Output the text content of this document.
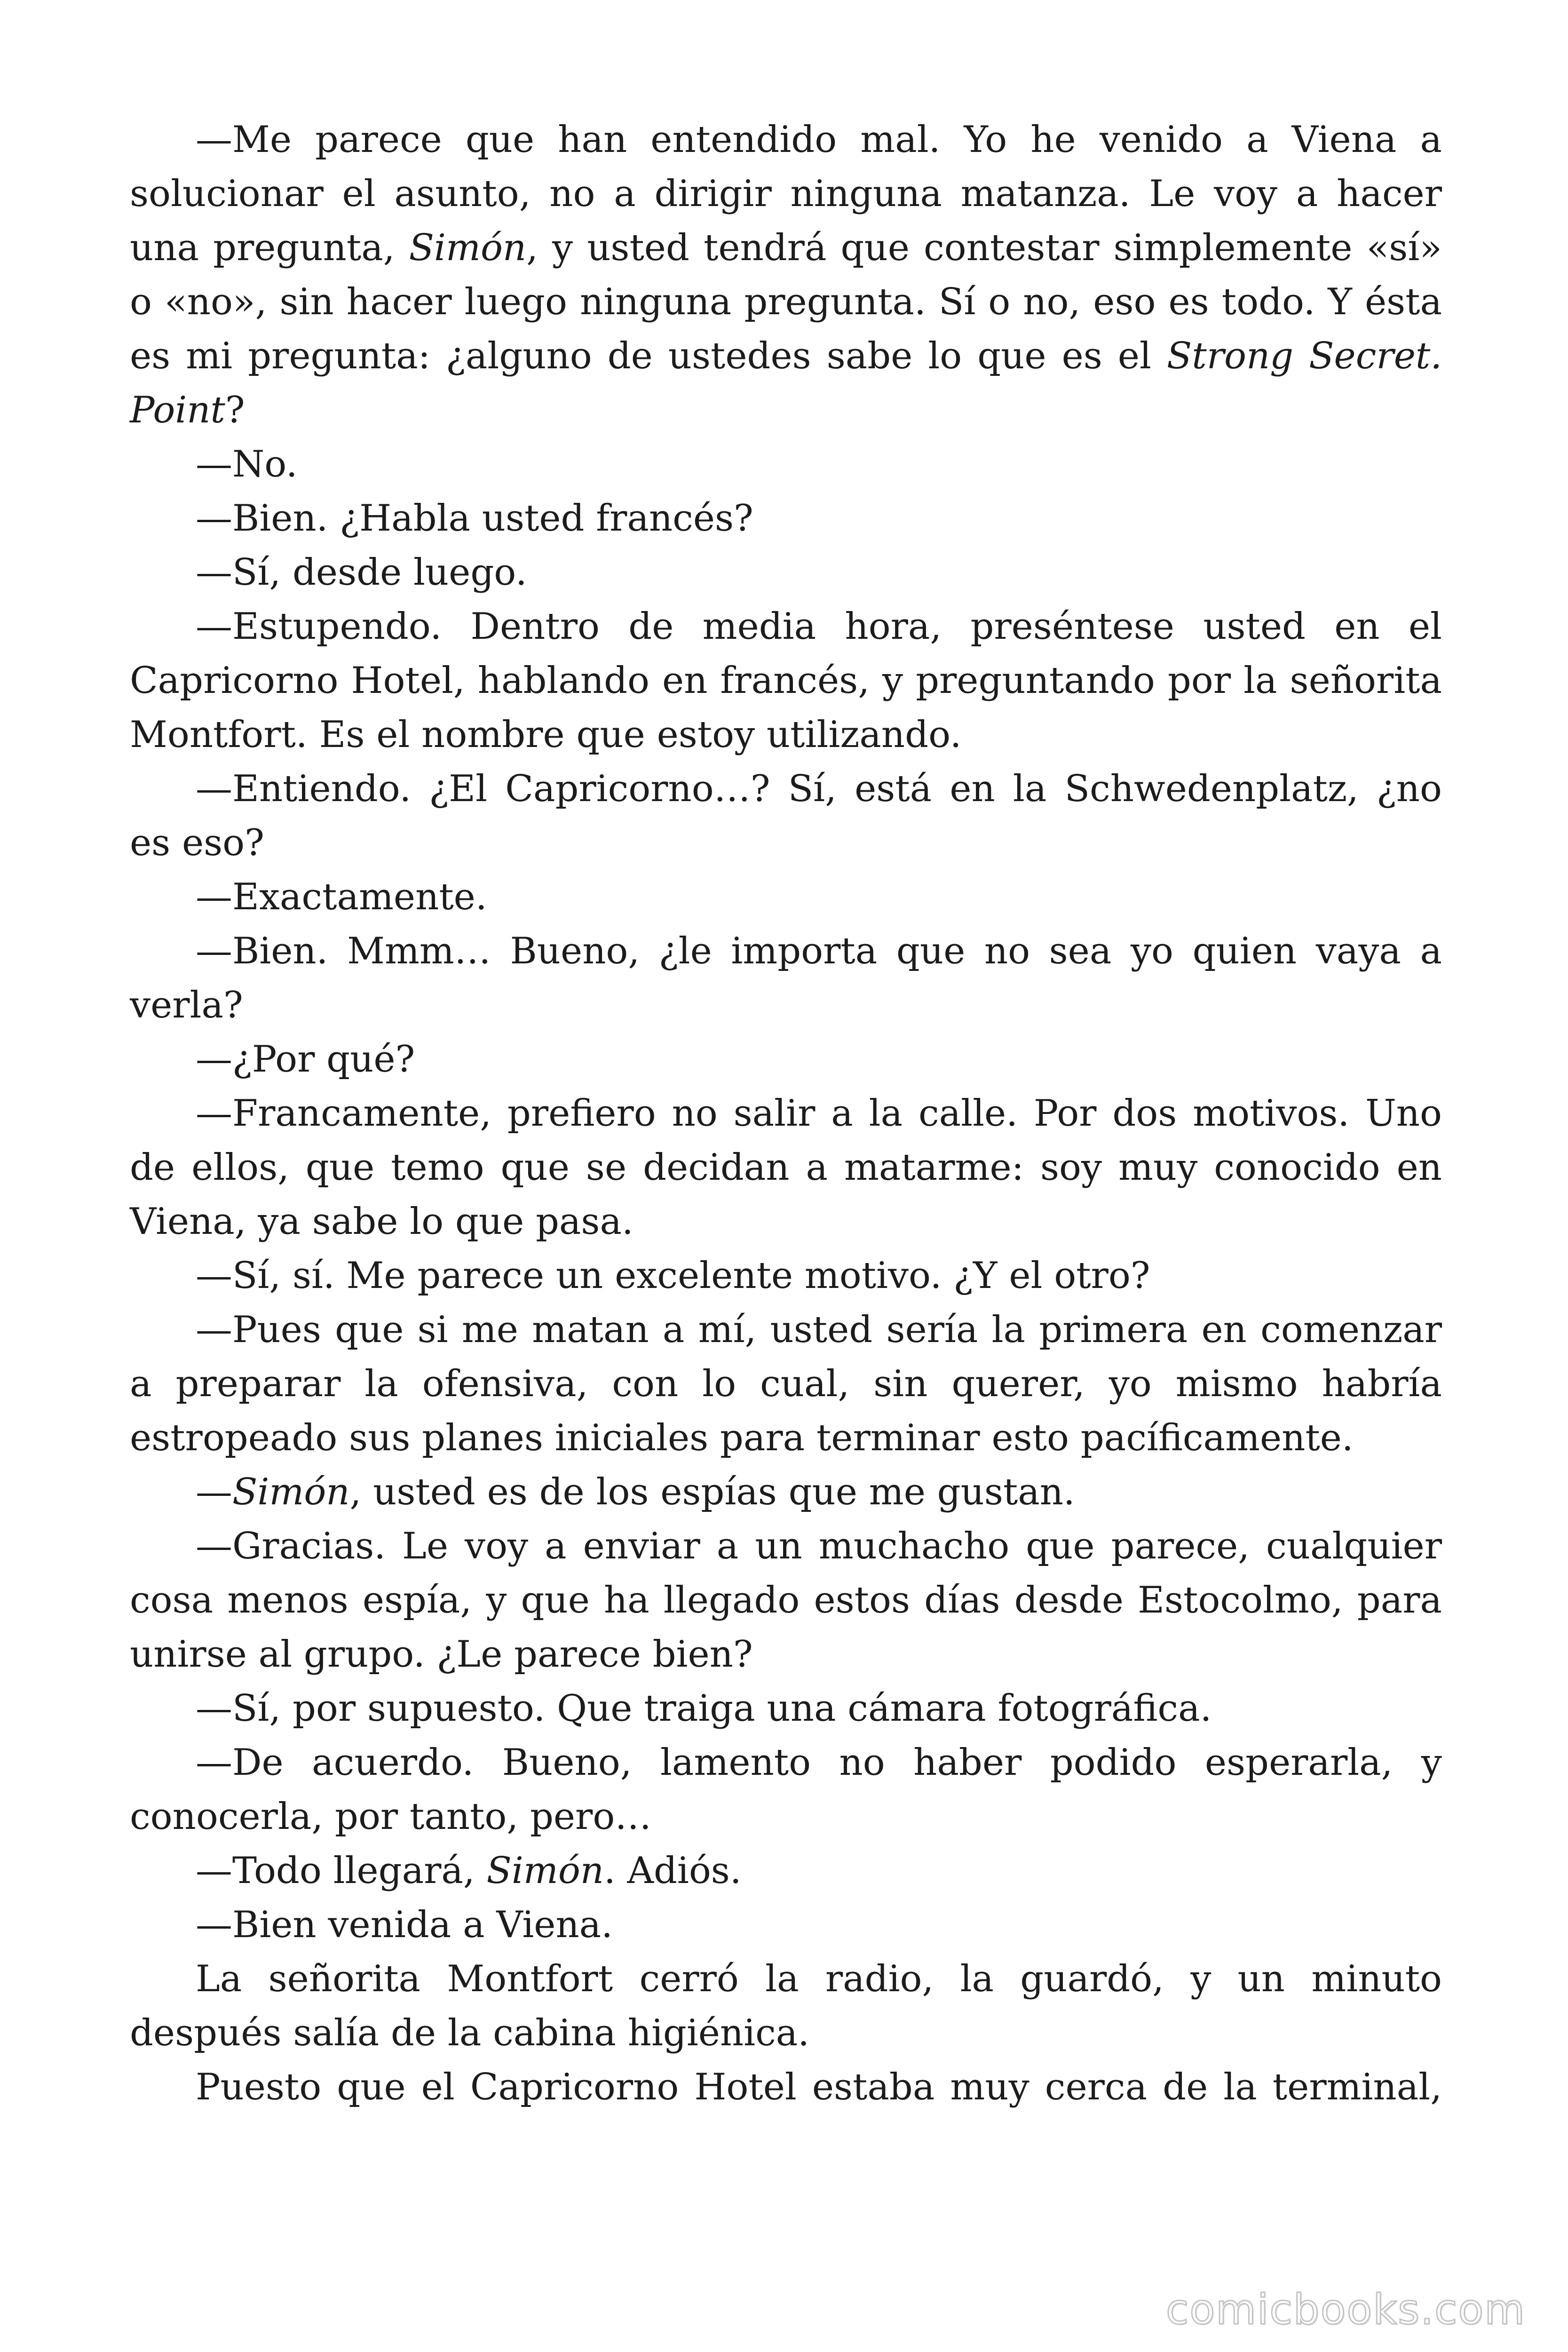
—Me parece que han entendido mal. Yo he venido a Viena a solucionar el asunto, no a dirigir ninguna matanza. Le voy a hacer una pregunta, Simón, y usted tendrá que contestar simplemente «sí» o «no», sin hacer luego ninguna pregunta. Sí o no, eso es todo. Y ésta es mi pregunta: ¿alguno de ustedes sabe lo que es el Strong Secret. Point?

—No.

—Bien. ¿Habla usted francés?

—Sí, desde luego.

—Estupendo. Dentro de media hora, preséntese usted en el Capricorno Hotel, hablando en francés, y preguntando por la señorita Montfort. Es el nombre que estoy utilizando.

—Entiendo. ¿El Capricorno…? Sí, está en la Schwedenplatz, ¿no es eso?

—Exactamente.

—Bien. Mmm… Bueno, ¿le importa que no sea yo quien vaya a verla?

—¿Por qué?

—Francamente, prefiero no salir a la calle. Por dos motivos. Uno de ellos, que temo que se decidan a matarme: soy muy conocido en Viena, ya sabe lo que pasa.

—Sí, sí. Me parece un excelente motivo. ¿Y el otro?

—Pues que si me matan a mí, usted sería la primera en comenzar a preparar la ofensiva, con lo cual, sin querer, yo mismo habría estropeado sus planes iniciales para terminar esto pacíficamente.

—Simón, usted es de los espías que me gustan.

—Gracias. Le voy a enviar a un muchacho que parece, cualquier cosa menos espía, y que ha llegado estos días desde Estocolmo, para unirse al grupo. ¿Le parece bien?

—Sí, por supuesto. Que traiga una cámara fotográfica.

—De acuerdo. Bueno, lamento no haber podido esperarla, y conocerla, por tanto, pero…

—Todo llegará, Simón. Adiós.

—Bien venida a Viena.

La señorita Montfort cerró la radio, la guardó, y un minuto después salía de la cabina higiénica.

Puesto que el Capricorno Hotel estaba muy cerca de la terminal,

comicbooks.com
